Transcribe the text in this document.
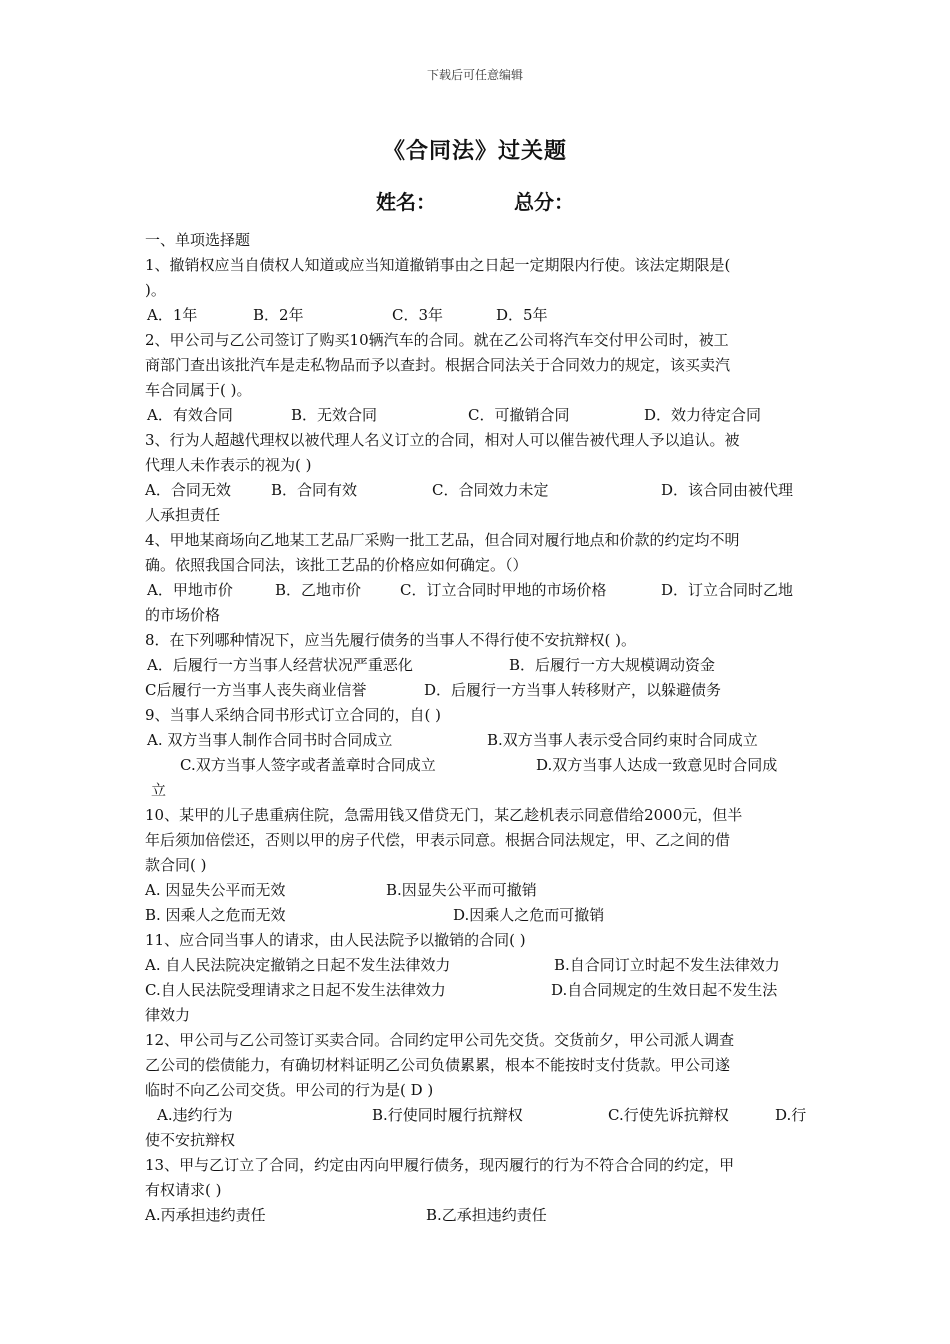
下载后可任意编辑
《合同法》过关题
姓名：	总分：
一、单项选择题
1、撤销权应当自债权人知道或应当知道撤销事由之日起一定期限内行使。该法定期限是(
)。
A．1年	B．2年	C．3年	D．5年
2、甲公司与乙公司签订了购买10辆汽车的合同。就在乙公司将汽车交付甲公司时，被工
商部门查出该批汽车是走私物品而予以查封。根据合同法关于合同效力的规定，该买卖汽
车合同属于( )。
A．有效合同	B．无效合同	C．可撤销合同	D．效力待定合同
3、行为人超越代理权以被代理人名义订立的合同，相对人可以催告被代理人予以追认。被
代理人未作表示的视为( )
A．合同无效	B．合同有效	C．合同效力未定	D．该合同由被代理
人承担责任
4、甲地某商场向乙地某工艺品厂采购一批工艺品，但合同对履行地点和价款的约定均不明
确。依照我国合同法，该批工艺品的价格应如何确定。（）
A．甲地市价	B．乙地市价	C．订立合同时甲地的市场价格	D．订立合同时乙地
的市场价格
8．在下列哪种情况下，应当先履行债务的当事人不得行使不安抗辩权( )。
A．后履行一方当事人经营状况严重恶化	B．后履行一方大规模调动资金
C后履行一方当事人丧失商业信誉	D．后履行一方当事人转移财产，以躲避债务
9、当事人采纳合同书形式订立合同的，自( )
A. 双方当事人制作合同书时合同成立	B.双方当事人表示受合同约束时合同成立
C.双方当事人签字或者盖章时合同成立	D.双方当事人达成一致意见时合同成
立
10、某甲的儿子患重病住院，急需用钱又借贷无门，某乙趁机表示同意借给2000元，但半
年后须加倍偿还，否则以甲的房子代偿，甲表示同意。根据合同法规定，甲、乙之间的借
款合同( )
A. 因显失公平而无效	B.因显失公平而可撤销
B. 因乘人之危而无效	D.因乘人之危而可撤销
11、应合同当事人的请求，由人民法院予以撤销的合同( )
A. 自人民法院决定撤销之日起不发生法律效力	B.自合同订立时起不发生法律效力
C.自人民法院受理请求之日起不发生法律效力	D.自合同规定的生效日起不发生法
律效力
12、甲公司与乙公司签订买卖合同。合同约定甲公司先交货。交货前夕，甲公司派人调查
乙公司的偿债能力，有确切材料证明乙公司负债累累，根本不能按时支付货款。甲公司遂
临时不向乙公司交货。甲公司的行为是( D )
A.违约行为	B.行使同时履行抗辩权	C.行使先诉抗辩权	D.行
使不安抗辩权
13、甲与乙订立了合同，约定由丙向甲履行债务，现丙履行的行为不符合合同的约定，甲
有权请求( )
A.丙承担违约责任	B.乙承担违约责任
